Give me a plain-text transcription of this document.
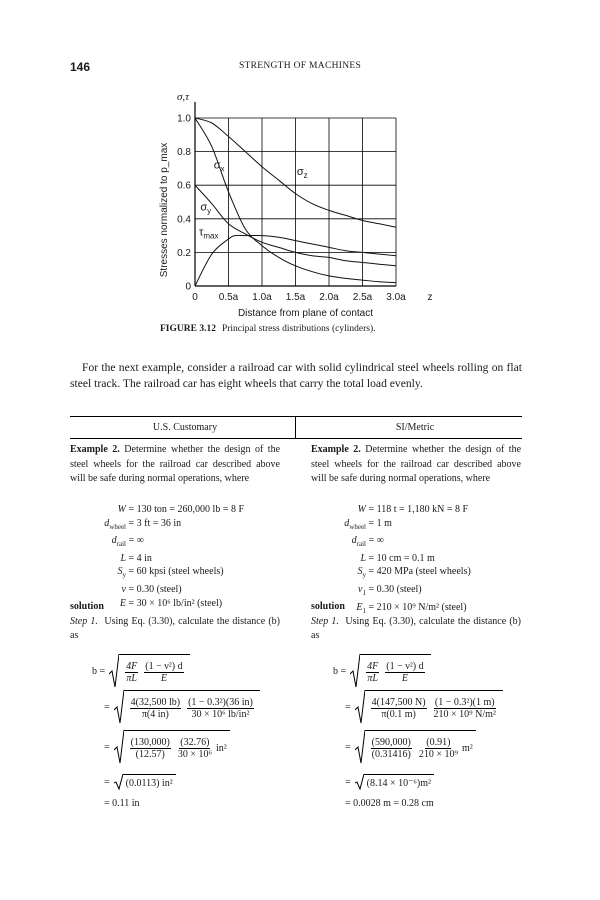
146	STRENGTH OF MACHINES
0 0.5a 1.0a 1.5a 2.0a 2.5a 3.0a
0
0.2
0.4
0.6
0.8
1.0
z
Distance from plane of contact
Stresses normalized to p_max
σ,τ
$\sigma_z$
$\sigma_x$
$\sigma_y$
$\tau_{max}$
FIGURE 3.12 Principal stress distributions (cylinders).
For the next example, consider a railroad car with solid cylindrical steel wheels rolling on flat steel track. The railroad car has eight wheels that carry the total load evenly.
U.S. Customary	SI/Metric
Example 2. Determine whether the design of the steel wheels for the railroad car described above will be safe during normal operations, where
W = 130 ton = 260,000 lb = 8 F
$d_{wheel} = 3$ ft = 36 in
$d_{rail}$ = ∞
L = 4 in
$S_y = 60$ kpsi (steel wheels)
ν = 0.30 (steel)
E = 30 × 10⁶ lb/in² (steel)
solution
Step 1. Using Eq. (3.30), calculate the distance (b) as
$b = \frac{4F}{\pi L} \frac{\text{(1 − ν²) d}}{E}$
= $\frac{4(32,500 lb)}{\pi(4 in)} \frac{\text{(1 − 0.3²)(36 in)}}{\text{30 × 10⁶ lb/in²}}$
= $\frac{(130,000)}{(12.57)} \frac{(32.76)}{\text{30 × 10⁶}} in^2$
=	(0.0113) in²
= 0.11 in
Example 2. Determine whether the design of the steel wheels for the railroad car described above will be safe during normal operations, where
W = 118 t = 1,180 kN = 8 F
$d_{wheel} = 1$ m
$d_{rail}$ = ∞
L = 10 cm = 0.1 m
$S_y = 420$ MPa (steel wheels)
$\nu_1 = 0.30$ (steel)
$E_1 = 210 \times 10^9$ N/m² (steel)
solution
Step 1. Using Eq. (3.30), calculate the distance (b) as
$b = \frac{4F}{\pi L} \frac{\text{(1 − ν²) d}}{E}$
= $\frac{4(147,500 N)}{\pi(0.1 m)} \frac{\text{(1 − 0.3²)(1 m)}}{\text{210 × 10⁹ N/m²}}$
= $\frac{(590,000)}{(0.31416)} \frac{(0.91)}{\text{210 × 10⁹}} m^2$
=	(8.14 × 10⁻⁶)m²
= 0.0028 m = 0.28 cm
